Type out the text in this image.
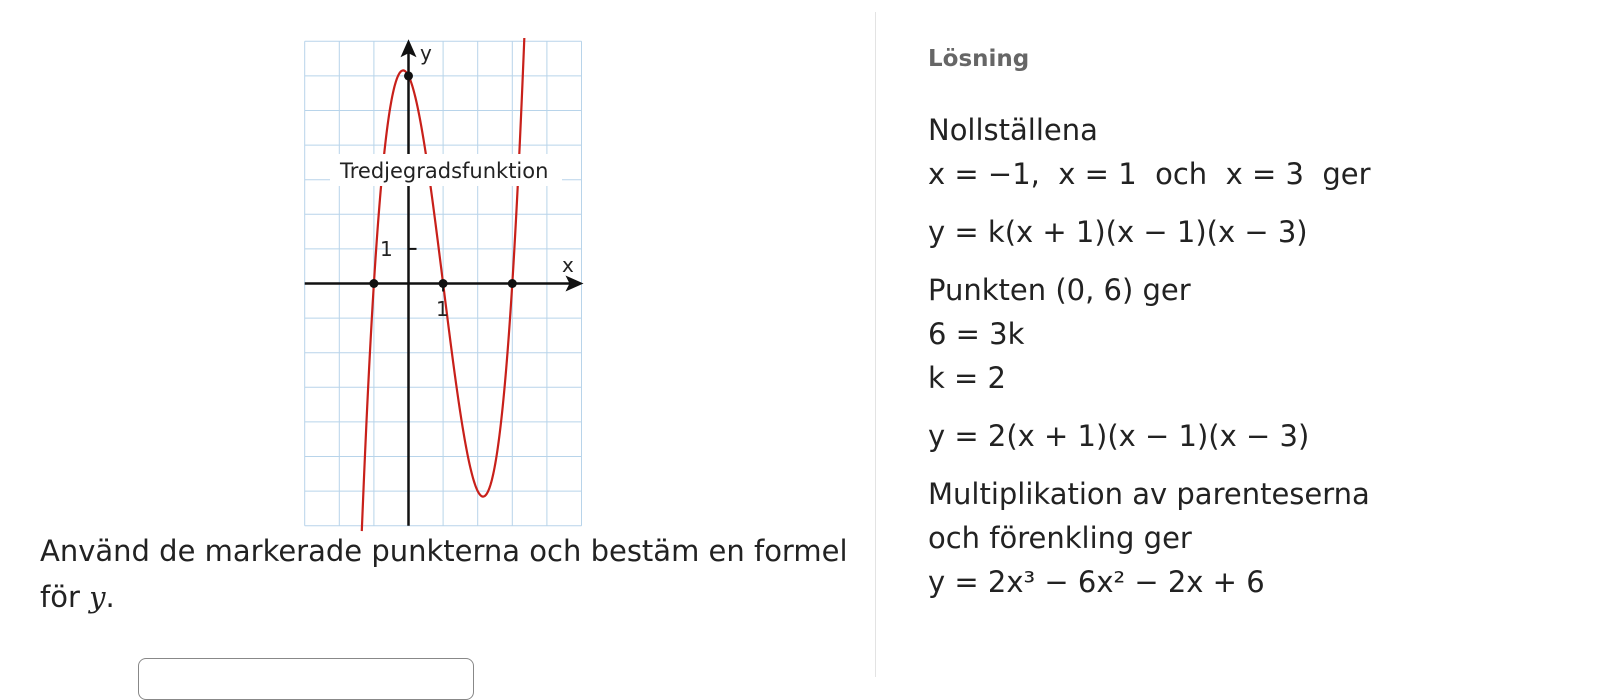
Tredjegradsfunktion
y
x
1
1
Använd de markerade punkterna och bestäm en formel för y.
Lösning
Nollställena
x = −1,  x = 1  och  x = 3  ger
y = k(x + 1)(x − 1)(x − 3)
Punkten (0, 6) ger
6 = 3k
k = 2
y = 2(x + 1)(x − 1)(x − 3)
Multiplikation av parenteserna
och förenkling ger
y = 2x³ − 6x² − 2x + 6
